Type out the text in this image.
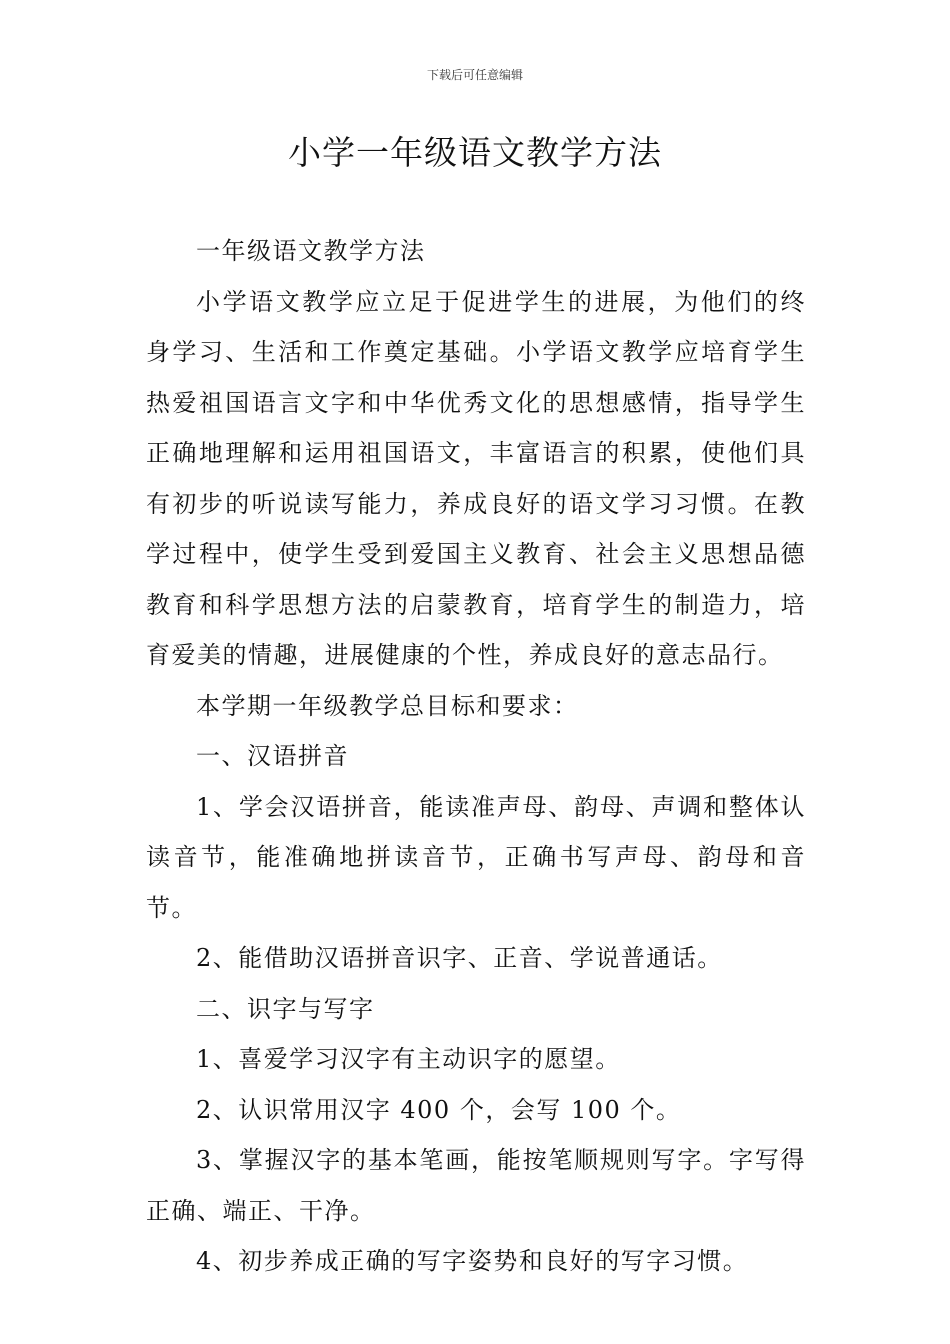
下载后可任意编辑
小学一年级语文教学方法

一年级语文教学方法

小学语文教学应立足于促进学生的进展，为他们的终身学习、生活和工作奠定基础。小学语文教学应培育学生热爱祖国语言文字和中华优秀文化的思想感情，指导学生正确地理解和运用祖国语文，丰富语言的积累，使他们具有初步的听说读写能力，养成良好的语文学习习惯。在教学过程中，使学生受到爱国主义教育、社会主义思想品德教育和科学思想方法的启蒙教育，培育学生的制造力，培育爱美的情趣，进展健康的个性，养成良好的意志品行。

本学期一年级教学总目标和要求：

一、汉语拼音

1、学会汉语拼音，能读准声母、韵母、声调和整体认读音节，能准确地拼读音节，正确书写声母、韵母和音节。

2、能借助汉语拼音识字、正音、学说普通话。

二、识字与写字

1、喜爱学习汉字有主动识字的愿望。

2、认识常用汉字 400 个，会写 100 个。

3、掌握汉字的基本笔画，能按笔顺规则写字。字写得正确、端正、干净。

4、初步养成正确的写字姿势和良好的写字习惯。
